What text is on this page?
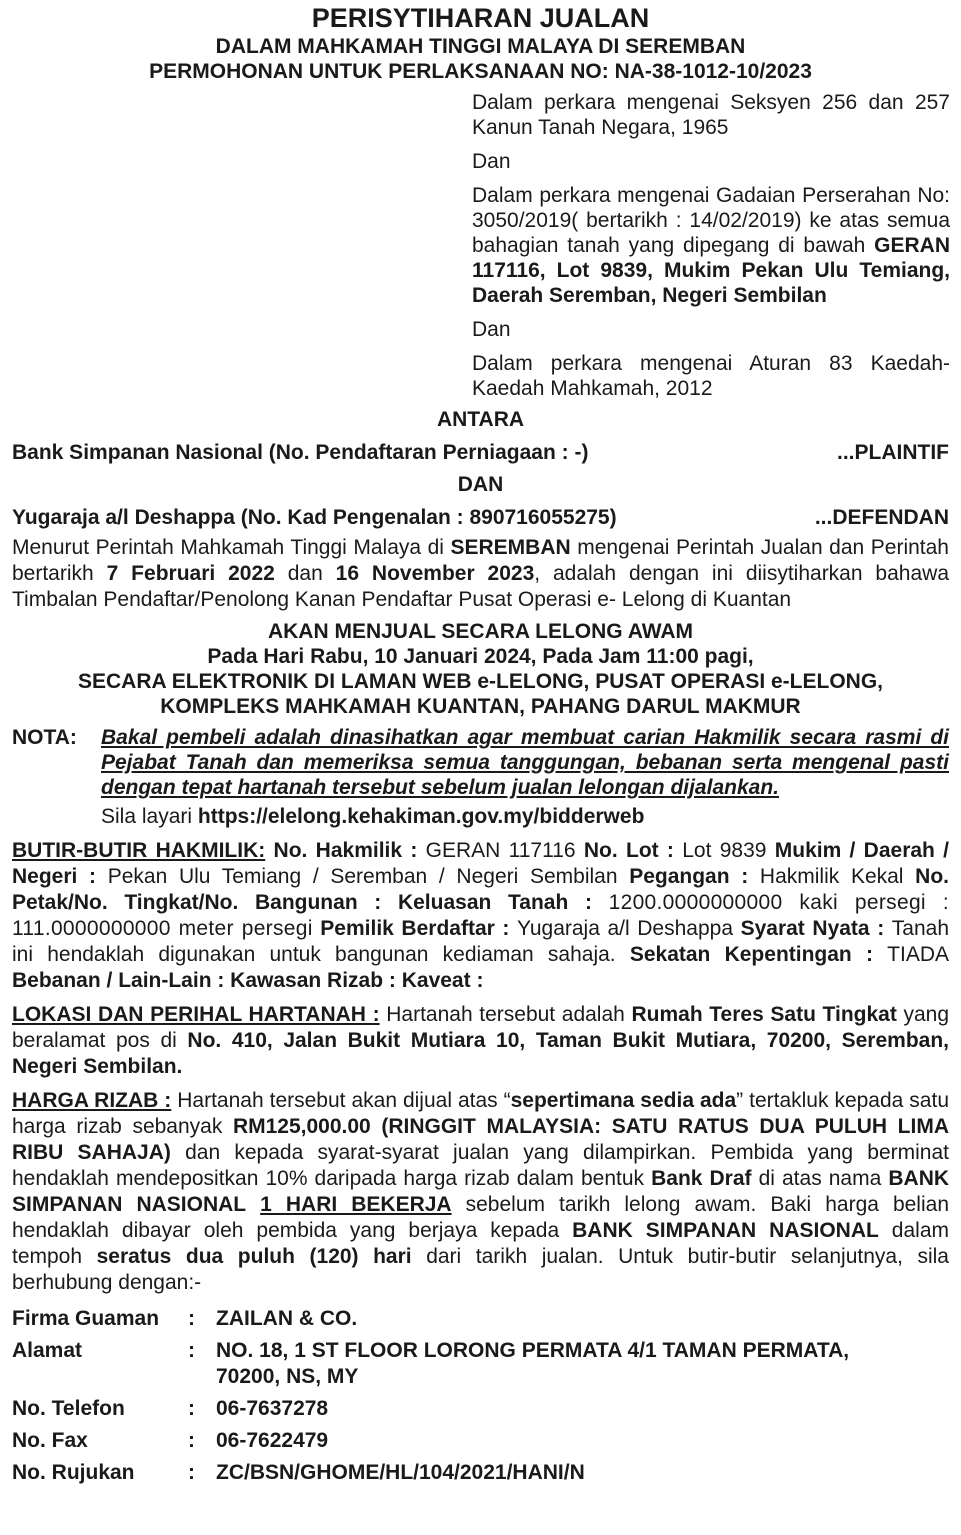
PERISYTIHARAN JUALAN
DALAM MAHKAMAH TINGGI MALAYA DI SEREMBAN
PERMOHONAN UNTUK PERLAKSANAAN NO: NA-38-1012-10/2023

Dalam perkara mengenai Seksyen 256 dan 257 Kanun Tanah Negara, 1965

Dan

Dalam perkara mengenai Gadaian Perserahan No: 3050/2019( bertarikh : 14/02/2019) ke atas semua bahagian tanah yang dipegang di bawah GERAN 117116, Lot 9839, Mukim Pekan Ulu Temiang, Daerah Seremban, Negeri Sembilan

Dan

Dalam perkara mengenai Aturan 83 Kaedah-Kaedah Mahkamah, 2012

ANTARA
Bank Simpanan Nasional (No. Pendaftaran Perniagaan : -)	...PLAINTIF
DAN
Yugaraja a/l Deshappa (No. Kad Pengenalan : 890716055275)	...DEFENDAN
Menurut Perintah Mahkamah Tinggi Malaya di SEREMBAN mengenai Perintah Jualan dan Perintah bertarikh 7 Februari 2022 dan 16 November 2023, adalah dengan ini diisytiharkan bahawa Timbalan Pendaftar/Penolong Kanan Pendaftar Pusat Operasi e- Lelong di Kuantan
AKAN MENJUAL SECARA LELONG AWAM
Pada Hari Rabu, 10 Januari 2024, Pada Jam 11:00 pagi,
SECARA ELEKTRONIK DI LAMAN WEB e-LELONG, PUSAT OPERASI e-LELONG,
KOMPLEKS MAHKAMAH KUANTAN, PAHANG DARUL MAKMUR
NOTA:	Bakal pembeli adalah dinasihatkan agar membuat carian Hakmilik secara rasmi di Pejabat Tanah dan memeriksa semua tanggungan, bebanan serta mengenal pasti dengan tepat hartanah tersebut sebelum jualan lelongan dijalankan.
Sila layari https://elelong.kehakiman.gov.my/bidderweb
BUTIR-BUTIR HAKMILIK: No. Hakmilik : GERAN 117116 No. Lot : Lot 9839 Mukim / Daerah / Negeri : Pekan Ulu Temiang / Seremban / Negeri Sembilan Pegangan : Hakmilik Kekal No. Petak/No. Tingkat/No. Bangunan : Keluasan Tanah : 1200.0000000000 kaki persegi : 111.0000000000 meter persegi Pemilik Berdaftar : Yugaraja a/l Deshappa Syarat Nyata : Tanah ini hendaklah digunakan untuk bangunan kediaman sahaja. Sekatan Kepentingan : TIADA Bebanan / Lain-Lain : Kawasan Rizab : Kaveat :
LOKASI DAN PERIHAL HARTANAH : Hartanah tersebut adalah Rumah Teres Satu Tingkat yang beralamat pos di No. 410, Jalan Bukit Mutiara 10, Taman Bukit Mutiara, 70200, Seremban, Negeri Sembilan.
HARGA RIZAB : Hartanah tersebut akan dijual atas “sepertimana sedia ada” tertakluk kepada satu harga rizab sebanyak RM125,000.00 (RINGGIT MALAYSIA: SATU RATUS DUA PULUH LIMA RIBU SAHAJA) dan kepada syarat-syarat jualan yang dilampirkan. Pembida yang berminat hendaklah mendepositkan 10% daripada harga rizab dalam bentuk Bank Draf di atas nama BANK SIMPANAN NASIONAL 1 HARI BEKERJA sebelum tarikh lelong awam. Baki harga belian hendaklah dibayar oleh pembida yang berjaya kepada BANK SIMPANAN NASIONAL dalam tempoh seratus dua puluh (120) hari dari tarikh jualan. Untuk butir-butir selanjutnya, sila berhubung dengan:-
Firma Guaman	:	ZAILAN & CO.
Alamat	:	NO. 18, 1 ST FLOOR LORONG PERMATA 4/1 TAMAN PERMATA, 70200, NS, MY
No. Telefon	:	06-7637278
No. Fax	:	06-7622479
No. Rujukan	:	ZC/BSN/GHOME/HL/104/2021/HANI/N
